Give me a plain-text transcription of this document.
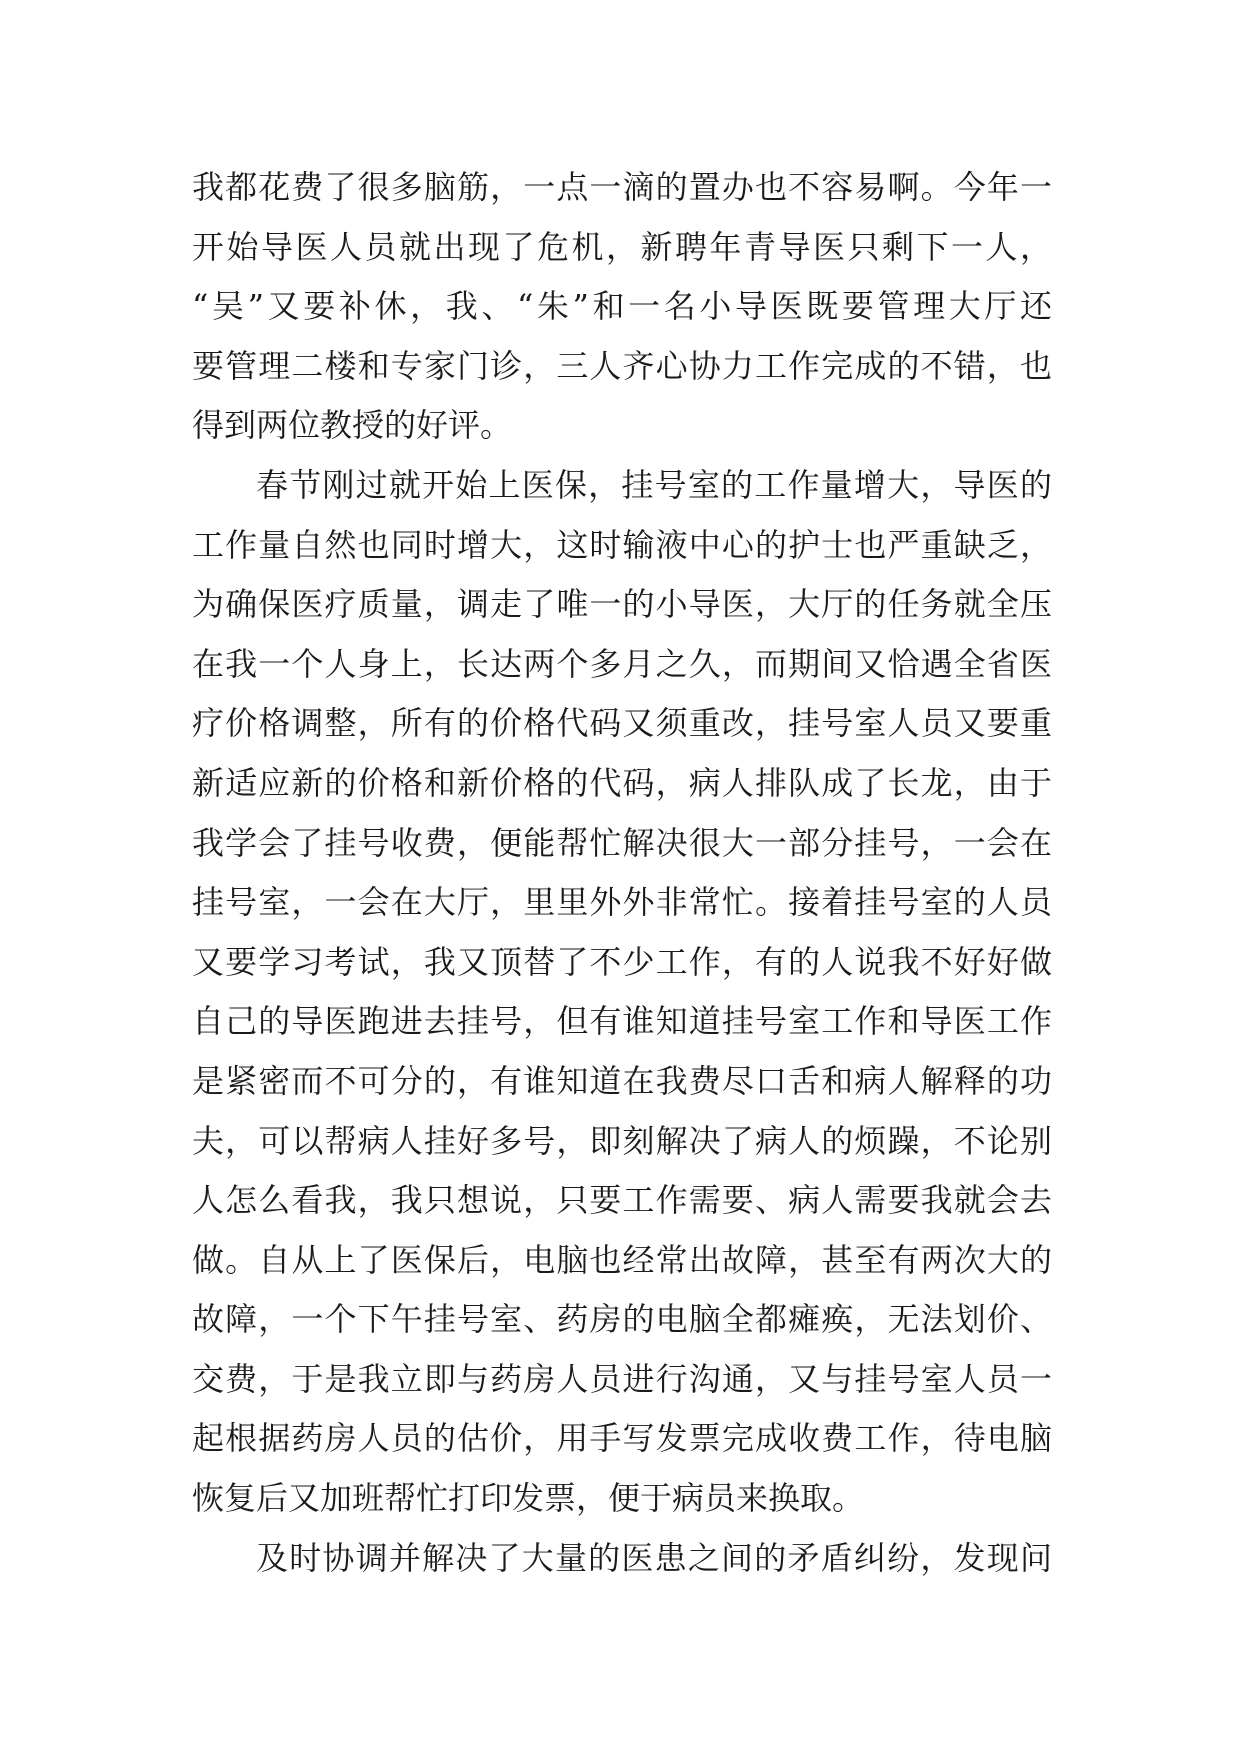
我都花费了很多脑筋，一点一滴的置办也不容易啊。今年一
开始导医人员就出现了危机，新聘年青导医只剩下一人，
“吴”又要补休，我、“朱”和一名小导医既要管理大厅还
要管理二楼和专家门诊，三人齐心协力工作完成的不错，也
得到两位教授的好评。
春节刚过就开始上医保，挂号室的工作量增大，导医的
工作量自然也同时增大，这时输液中心的护士也严重缺乏，
为确保医疗质量，调走了唯一的小导医，大厅的任务就全压
在我一个人身上，长达两个多月之久，而期间又恰遇全省医
疗价格调整，所有的价格代码又须重改，挂号室人员又要重
新适应新的价格和新价格的代码，病人排队成了长龙，由于
我学会了挂号收费，便能帮忙解决很大一部分挂号，一会在
挂号室，一会在大厅，里里外外非常忙。接着挂号室的人员
又要学习考试，我又顶替了不少工作，有的人说我不好好做
自己的导医跑进去挂号，但有谁知道挂号室工作和导医工作
是紧密而不可分的，有谁知道在我费尽口舌和病人解释的功
夫，可以帮病人挂好多号，即刻解决了病人的烦躁，不论别
人怎么看我，我只想说，只要工作需要、病人需要我就会去
做。自从上了医保后，电脑也经常出故障，甚至有两次大的
故障，一个下午挂号室、药房的电脑全都瘫痪，无法划价、
交费，于是我立即与药房人员进行沟通，又与挂号室人员一
起根据药房人员的估价，用手写发票完成收费工作，待电脑
恢复后又加班帮忙打印发票，便于病员来换取。
及时协调并解决了大量的医患之间的矛盾纠纷，发现问
